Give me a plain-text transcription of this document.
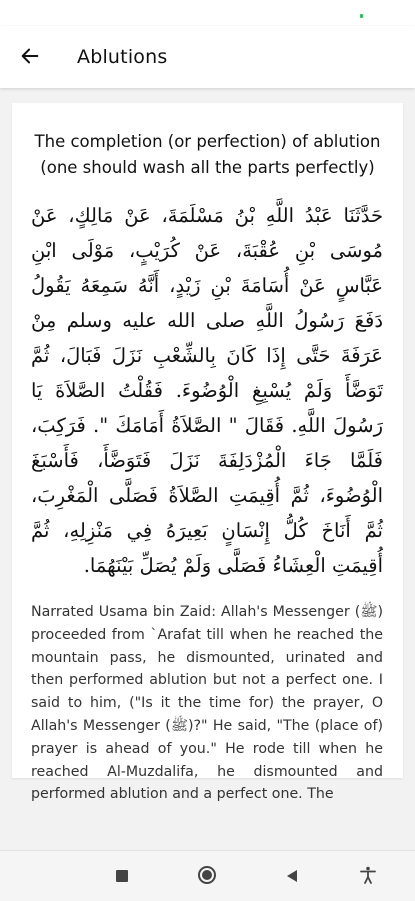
Ablutions
The completion (or perfection) of ablution (one should wash all the parts perfectly)
حَدَّثَنَا عَبْدُ اللَّهِ بْنُ مَسْلَمَةَ، عَنْ مَالِكٍ، عَنْ مُوسَى بْنِ عُقْبَةَ، عَنْ كُرَيْبٍ، مَوْلَى ابْنِ عَبَّاسٍ عَنْ أُسَامَةَ بْنِ زَيْدٍ، أَنَّهُ سَمِعَهُ يَقُولُ دَفَعَ رَسُولُ اللَّهِ صلى الله عليه وسلم مِنْ عَرَفَةَ حَتَّى إِذَا كَانَ بِالشِّعْبِ نَزَلَ فَبَالَ، ثُمَّ تَوَضَّأَ وَلَمْ يُسْبِغِ الْوُضُوءَ‏.‏ فَقُلْتُ الصَّلاَةَ يَا رَسُولَ اللَّهِ‏.‏ فَقَالَ ‏"‏ الصَّلاَةُ أَمَامَكَ ‏"‏‏.‏ فَرَكِبَ، فَلَمَّا جَاءَ الْمُزْدَلِفَةَ نَزَلَ فَتَوَضَّأَ، فَأَسْبَغَ الْوُضُوءَ، ثُمَّ أُقِيمَتِ الصَّلاَةُ فَصَلَّى الْمَغْرِبَ، ثُمَّ أَنَاخَ كُلُّ إِنْسَانٍ بَعِيرَهُ فِي مَنْزِلِهِ، ثُمَّ أُقِيمَتِ الْعِشَاءُ فَصَلَّى وَلَمْ يُصَلِّ بَيْنَهُمَا‏.
Narrated Usama bin Zaid: Allah's Messenger (ﷺ) proceeded from `Arafat till when he reached the mountain pass, he dismounted, urinated and then performed ablution but not a perfect one. I said to him, ("Is it the time for) the prayer, O Allah's Messenger (ﷺ)?" He said, "The (place of) prayer is ahead of you." He rode till when he reached Al-Muzdalifa, he dismounted and performed ablution and a perfect one. The
